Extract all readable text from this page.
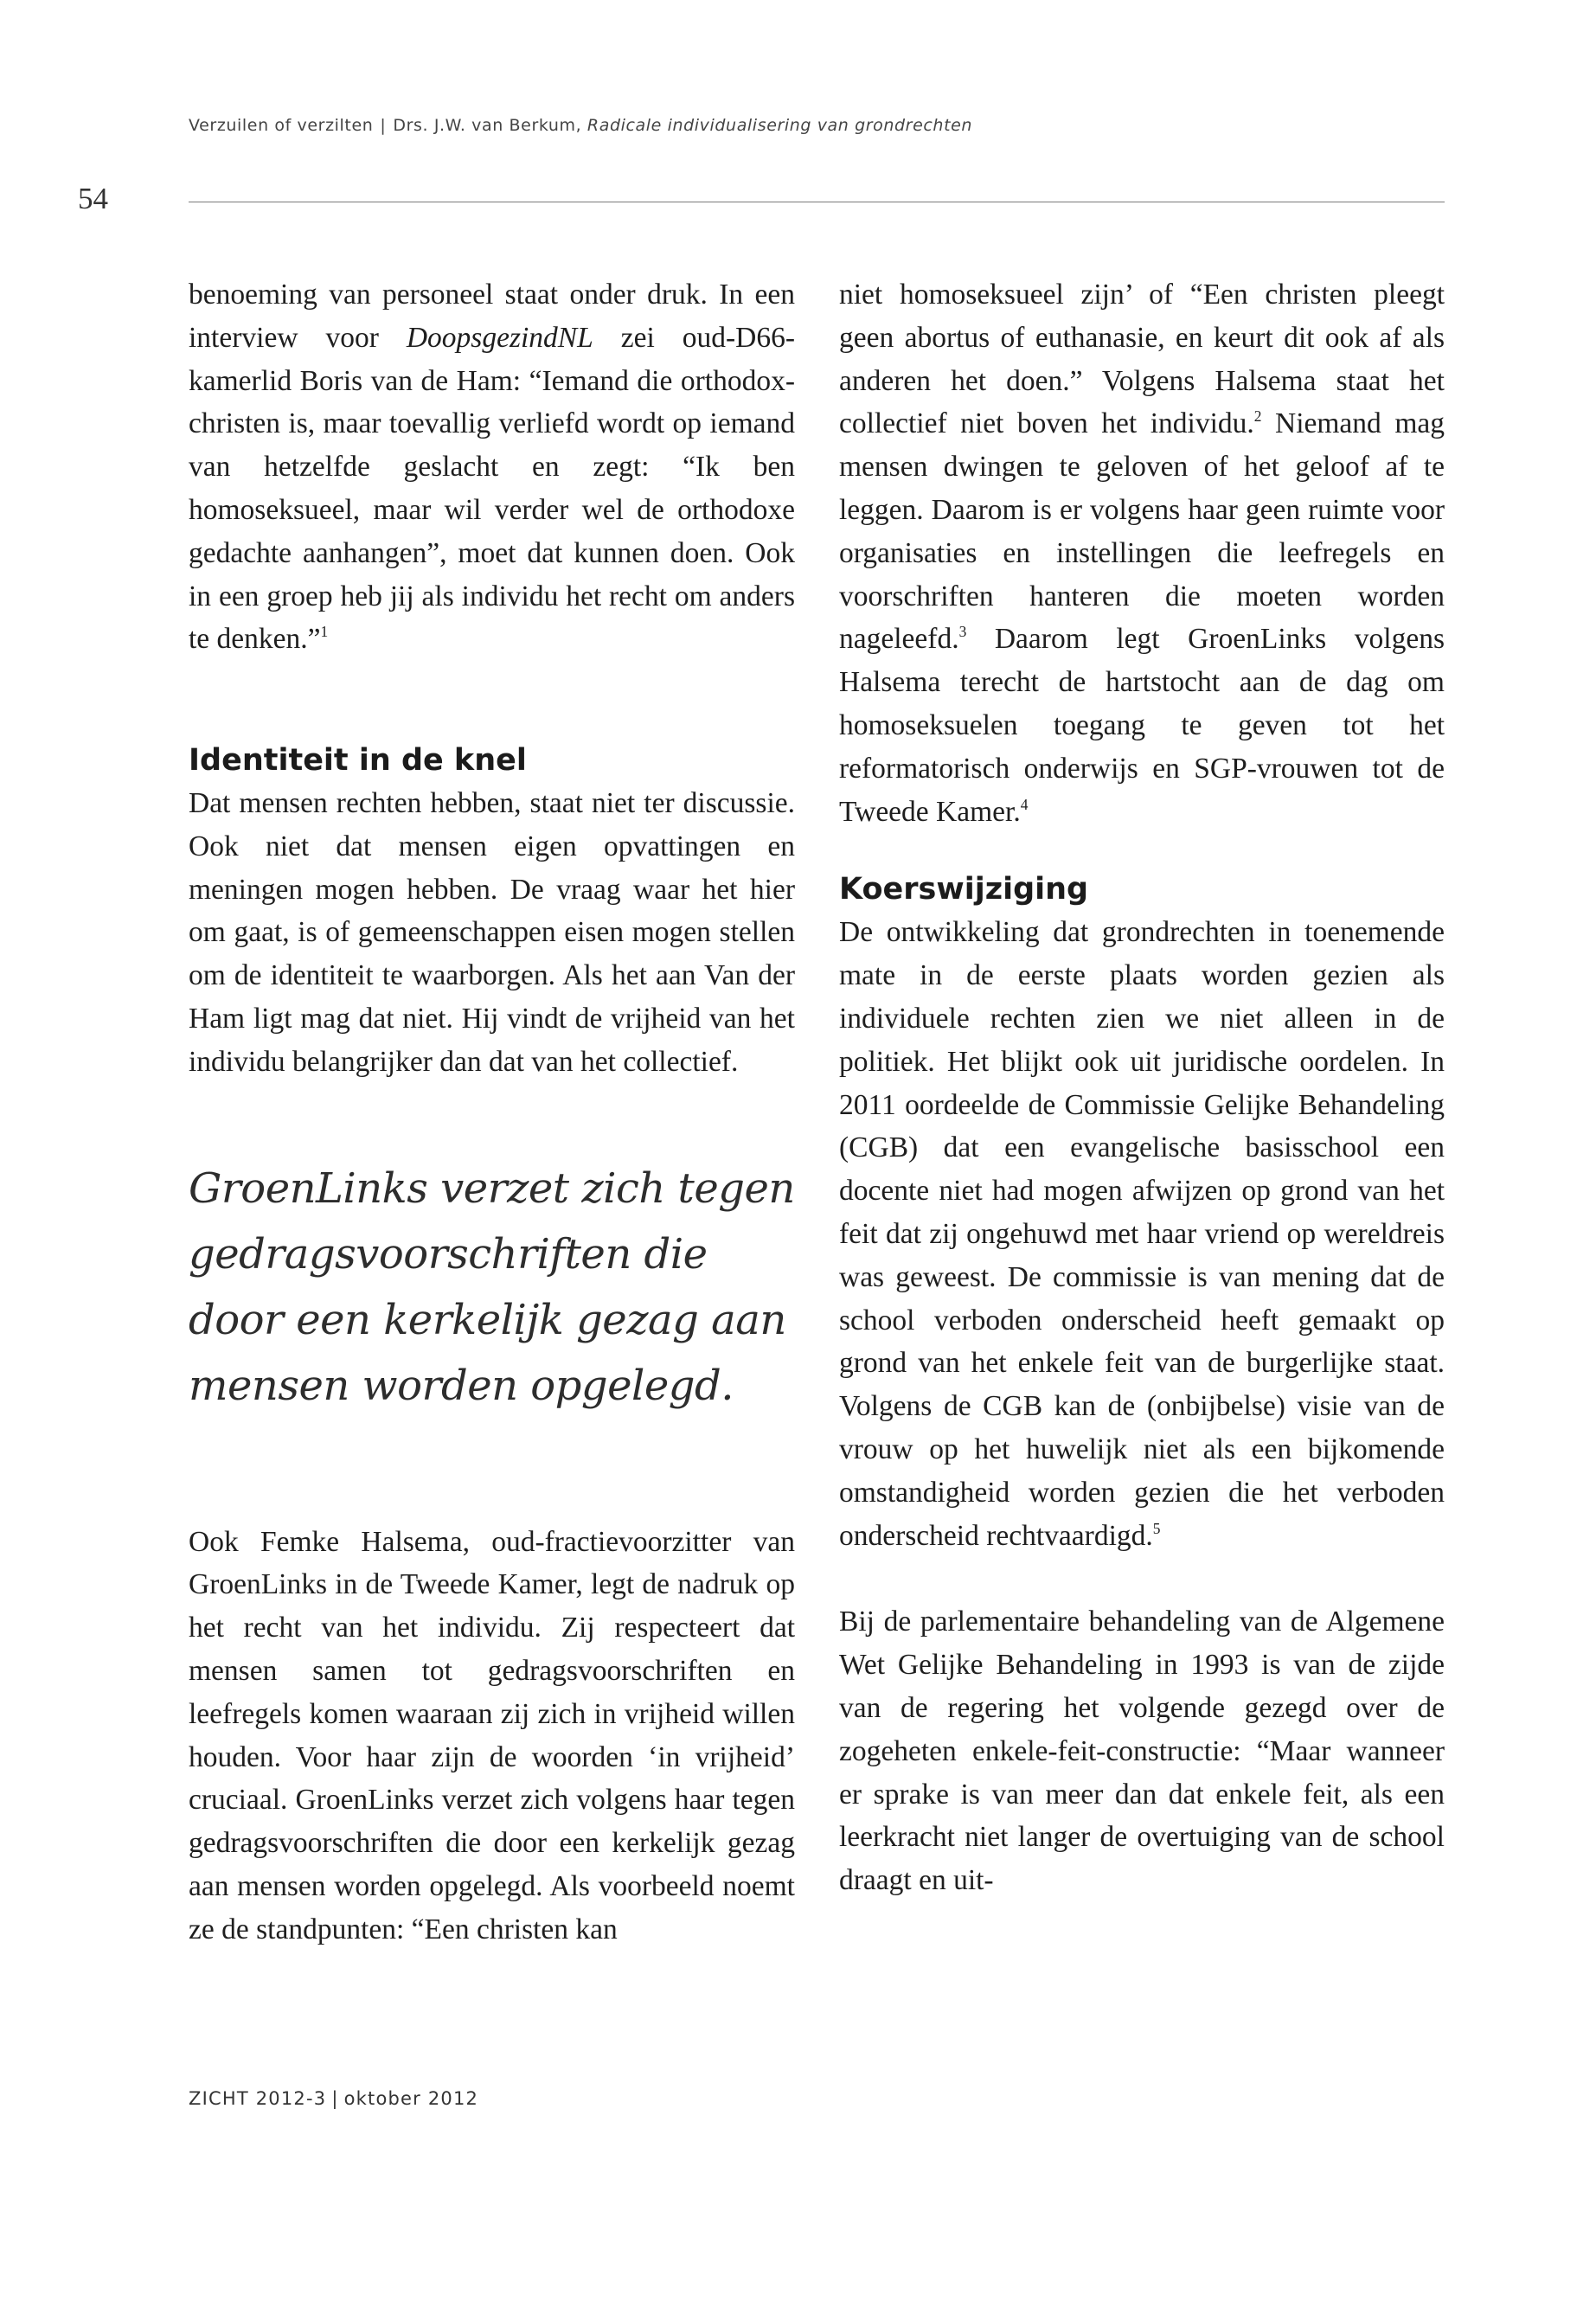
Verzuilen of verzilten | Drs. J.W. van Berkum, Radicale individualisering van grondrechten
54

benoeming van personeel staat onder druk. In een interview voor DoopsgezindNL zei oud-D66-kamerlid Boris van de Ham: “Iemand die orthodox-christen is, maar toevallig verliefd wordt op iemand van hetzelfde geslacht en zegt: “Ik ben homoseksueel, maar wil verder wel de orthodoxe gedachte aanhangen”, moet dat kunnen doen. Ook in een groep heb jij als individu het recht om anders te denken.”$^1$

Identiteit in de knel

Dat mensen rechten hebben, staat niet ter discussie. Ook niet dat mensen eigen opvattingen en meningen mogen hebben. De vraag waar het hier om gaat, is of gemeenschappen eisen mogen stellen om de identiteit te waarborgen. Als het aan Van der Ham ligt mag dat niet. Hij vindt de vrijheid van het individu belangrijker dan dat van het collectief.

GroenLinks verzet zich tegen gedragsvoorschriften die door een kerkelijk gezag aan mensen worden opgelegd.

Ook Femke Halsema, oud-fractievoorzitter van GroenLinks in de Tweede Kamer, legt de nadruk op het recht van het individu. Zij respecteert dat mensen samen tot gedragsvoorschriften en leefregels komen waaraan zij zich in vrijheid willen houden. Voor haar zijn de woorden ‘in vrijheid’ cruciaal. GroenLinks verzet zich volgens haar tegen gedragsvoorschriften die door een kerkelijk gezag aan mensen worden opgelegd. Als voorbeeld noemt ze de standpunten: “Een christen kan

niet homoseksueel zijn’ of “Een christen pleegt geen abortus of euthanasie, en keurt dit ook af als anderen het doen.” Volgens Halsema staat het collectief niet boven het individu.$^2$ Niemand mag mensen dwingen te geloven of het geloof af te leggen. Daarom is er volgens haar geen ruimte voor organisaties en instellingen die leefregels en voorschriften hanteren die moeten worden nageleefd.$^3$ Daarom legt GroenLinks volgens Halsema terecht de hartstocht aan de dag om homoseksuelen toegang te geven tot het reformatorisch onderwijs en SGP-vrouwen tot de Tweede Kamer.$^4$

Koerswijziging

De ontwikkeling dat grondrechten in toenemende mate in de eerste plaats worden gezien als individuele rechten zien we niet alleen in de politiek. Het blijkt ook uit juridische oordelen. In 2011 oordeelde de Commissie Gelijke Behandeling (CGB) dat een evangelische basisschool een docente niet had mogen afwijzen op grond van het feit dat zij ongehuwd met haar vriend op wereldreis was geweest. De commissie is van mening dat de school verboden onderscheid heeft gemaakt op grond van het enkele feit van de burgerlijke staat. Volgens de CGB kan de (onbijbelse) visie van de vrouw op het huwelijk niet als een bijkomende omstandigheid worden gezien die het verboden onderscheid rechtvaardigd.$^5$

Bij de parlementaire behandeling van de Algemene Wet Gelijke Behandeling in 1993 is van de zijde van de regering het volgende gezegd over de zogeheten enkele-feit-constructie: “Maar wanneer er sprake is van meer dan dat enkele feit, als een leerkracht niet langer de overtuiging van de school draagt en uit-

ZICHT 2012-3 | oktober 2012
